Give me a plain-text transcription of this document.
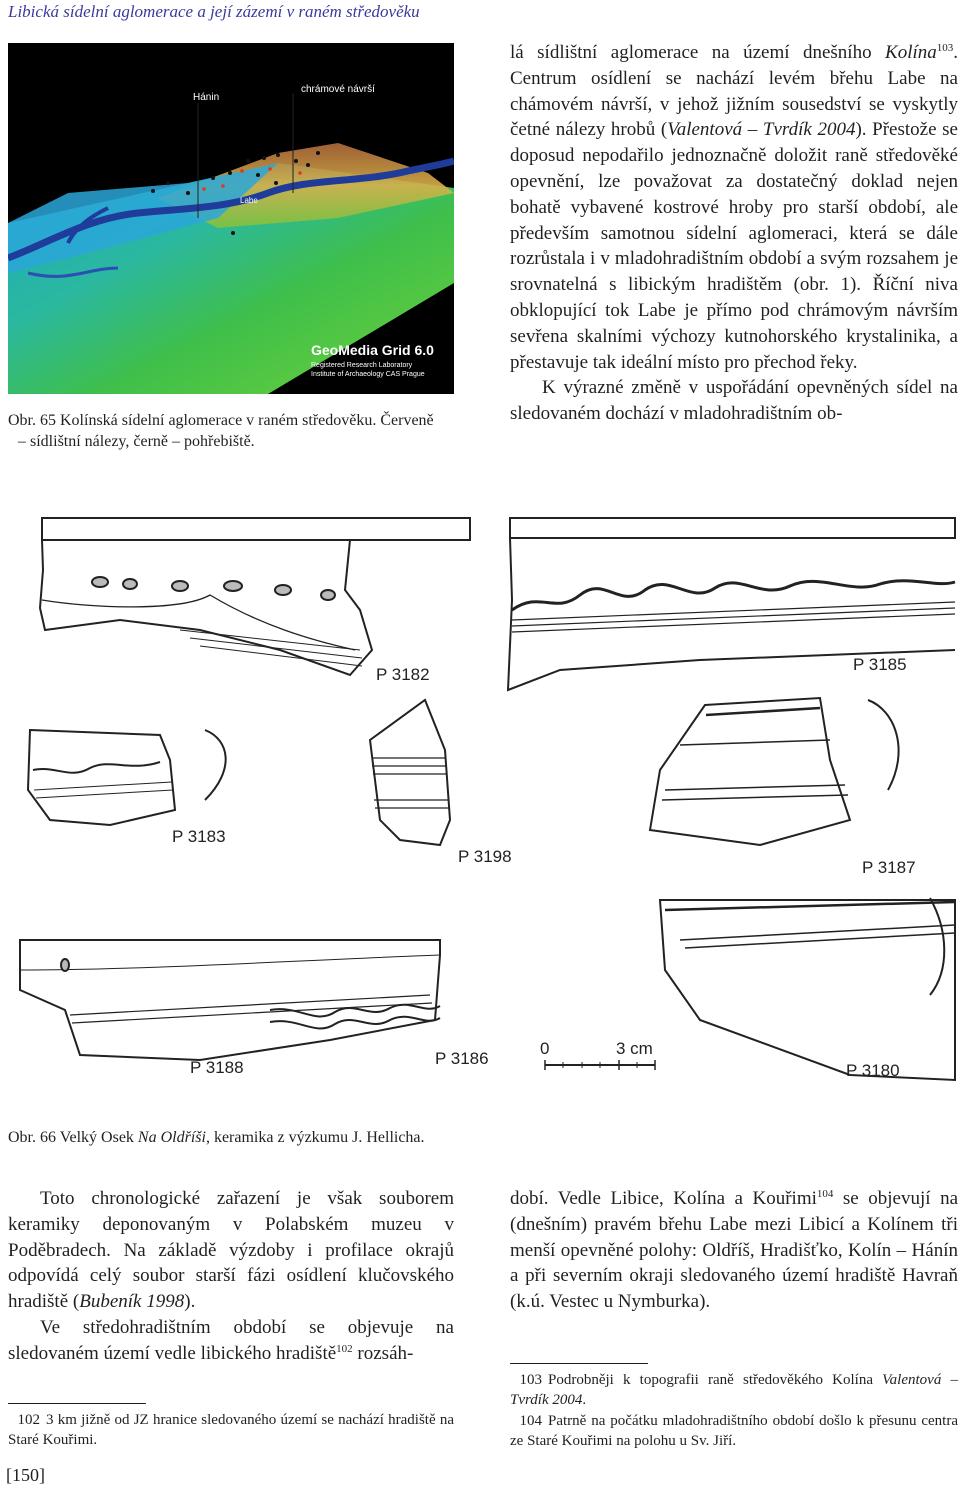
Libická sídelní aglomerace a její zázemí v raném středověku
Hánin
chrámové návrší
Labe
GeoMedia Grid 6.0
Registered Research Laboratory
Institute of Archaeology CAS Prague
Obr. 65 Kolínská sídelní aglomerace v raném středověku. Červeně
– sídlištní nálezy, černě – pohřebiště.

lá sídlištní aglomerace na území dnešního Kolína$^{103}$. Centrum osídlení se nachází levém břehu Labe na chámovém návrší, v jehož jižním sousedství se vyskytly četné nálezy hrobů (Valentová – Tvrdík 2004). Přestože se doposud nepodařilo jednoznačně doložit raně středověké opevnění, lze považovat za dostatečný doklad nejen bohatě vybavené kostrové hroby pro starší období, ale především samotnou sídelní aglomeraci, která se dále rozrůstala i v mladohradištním období a svým rozsahem je srovnatelná s libickým hradištěm (obr. 1). Říční niva obklopující tok Labe je přímo pod chrámovým návrším sevřena skalními výchozy kutnohorského krystalinika, a přestavuje tak ideální místo pro přechod řeky.

K výrazné změně v uspořádání opevněných sídel na sledovaném dochází v mladohradištním ob-

P 3182
P 3185
P 3183
P 3198
P 3187
P 3188	P 3186
P 3180
0	3 cm
Obr. 66 Velký Osek Na Oldříši, keramika z výzkumu J. Hellicha.

Toto chronologické zařazení je však souborem keramiky deponovaným v Polabském muzeu v Poděbradech. Na základě výzdoby i profilace okrajů odpovídá celý soubor starší fázi osídlení klučovského hradiště (Bubeník 1998).

Ve středohradištním období se objevuje na sledovaném území vedle libického hradiště$^{102}$ rozsáh-

dobí. Vedle Libice, Kolína a Kouřimi$^{104}$ se objevují na (dnešním) pravém břehu Labe mezi Libicí a Kolínem tři menší opevněné polohy: Oldříš, Hradišťko, Kolín – Hánín a při severním okraji sledovaného území hradiště Havraň (k.ú. Vestec u Nymburka).

102 3 km jižně od JZ hranice sledovaného území se nachází hradiště na Staré Kouřimi.
103 Podrobněji k topografii raně středověkého Kolína Valentová – Tvrdík 2004.
104 Patrně na počátku mladohradištního období došlo k přesunu centra ze Staré Kouřimi na polohu u Sv. Jiří.
[150]
